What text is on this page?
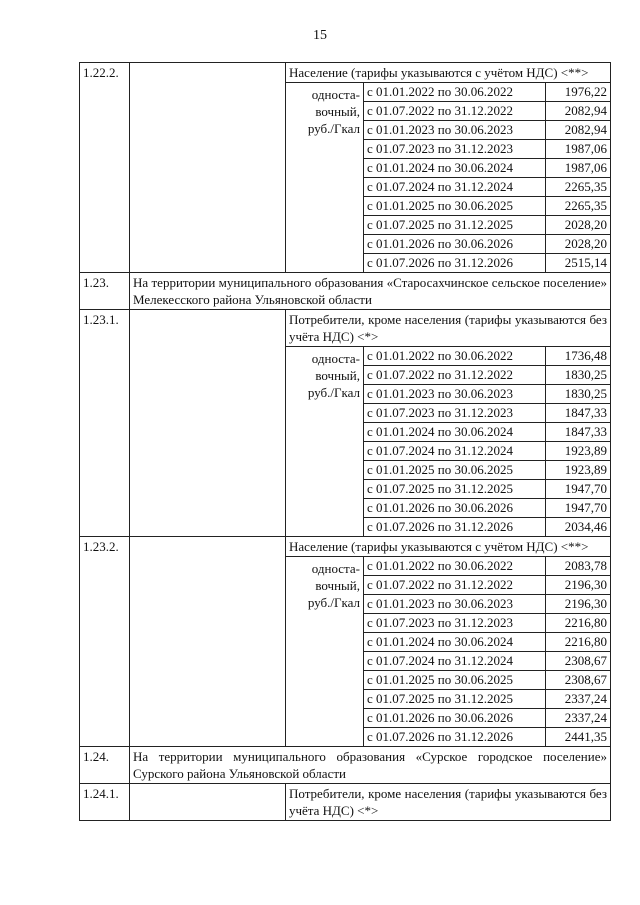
15
1.22.2.	Население (тарифы указываются с учётом НДС) <**>
односта-
вочный,
руб./Гкал
с 01.01.2022 по 30.06.2022	1976,22
с 01.07.2022 по 31.12.2022	2082,94
с 01.01.2023 по 30.06.2023	2082,94
с 01.07.2023 по 31.12.2023	1987,06
с 01.01.2024 по 30.06.2024	1987,06
с 01.07.2024 по 31.12.2024	2265,35
с 01.01.2025 по 30.06.2025	2265,35
с 01.07.2025 по 31.12.2025	2028,20
с 01.01.2026 по 30.06.2026	2028,20
с 01.07.2026 по 31.12.2026	2515,14
1.23.	На территории муниципального образования «Старосахчинское сельское поселение» Мелекесского района Ульяновской области
1.23.1.	Потребители, кроме населения (тарифы указываются без учёта НДС) <*>
односта-
вочный,
руб./Гкал
с 01.01.2022 по 30.06.2022	1736,48
с 01.07.2022 по 31.12.2022	1830,25
с 01.01.2023 по 30.06.2023	1830,25
с 01.07.2023 по 31.12.2023	1847,33
с 01.01.2024 по 30.06.2024	1847,33
с 01.07.2024 по 31.12.2024	1923,89
с 01.01.2025 по 30.06.2025	1923,89
с 01.07.2025 по 31.12.2025	1947,70
с 01.01.2026 по 30.06.2026	1947,70
с 01.07.2026 по 31.12.2026	2034,46
1.23.2.	Население (тарифы указываются с учётом НДС) <**>
односта-
вочный,
руб./Гкал
с 01.01.2022 по 30.06.2022	2083,78
с 01.07.2022 по 31.12.2022	2196,30
с 01.01.2023 по 30.06.2023	2196,30
с 01.07.2023 по 31.12.2023	2216,80
с 01.01.2024 по 30.06.2024	2216,80
с 01.07.2024 по 31.12.2024	2308,67
с 01.01.2025 по 30.06.2025	2308,67
с 01.07.2025 по 31.12.2025	2337,24
с 01.01.2026 по 30.06.2026	2337,24
с 01.07.2026 по 31.12.2026	2441,35
1.24.	На территории муниципального образования «Сурское городское поселение» Сурского района Ульяновской области
1.24.1.	Потребители, кроме населения (тарифы указываются без учёта НДС) <*>
